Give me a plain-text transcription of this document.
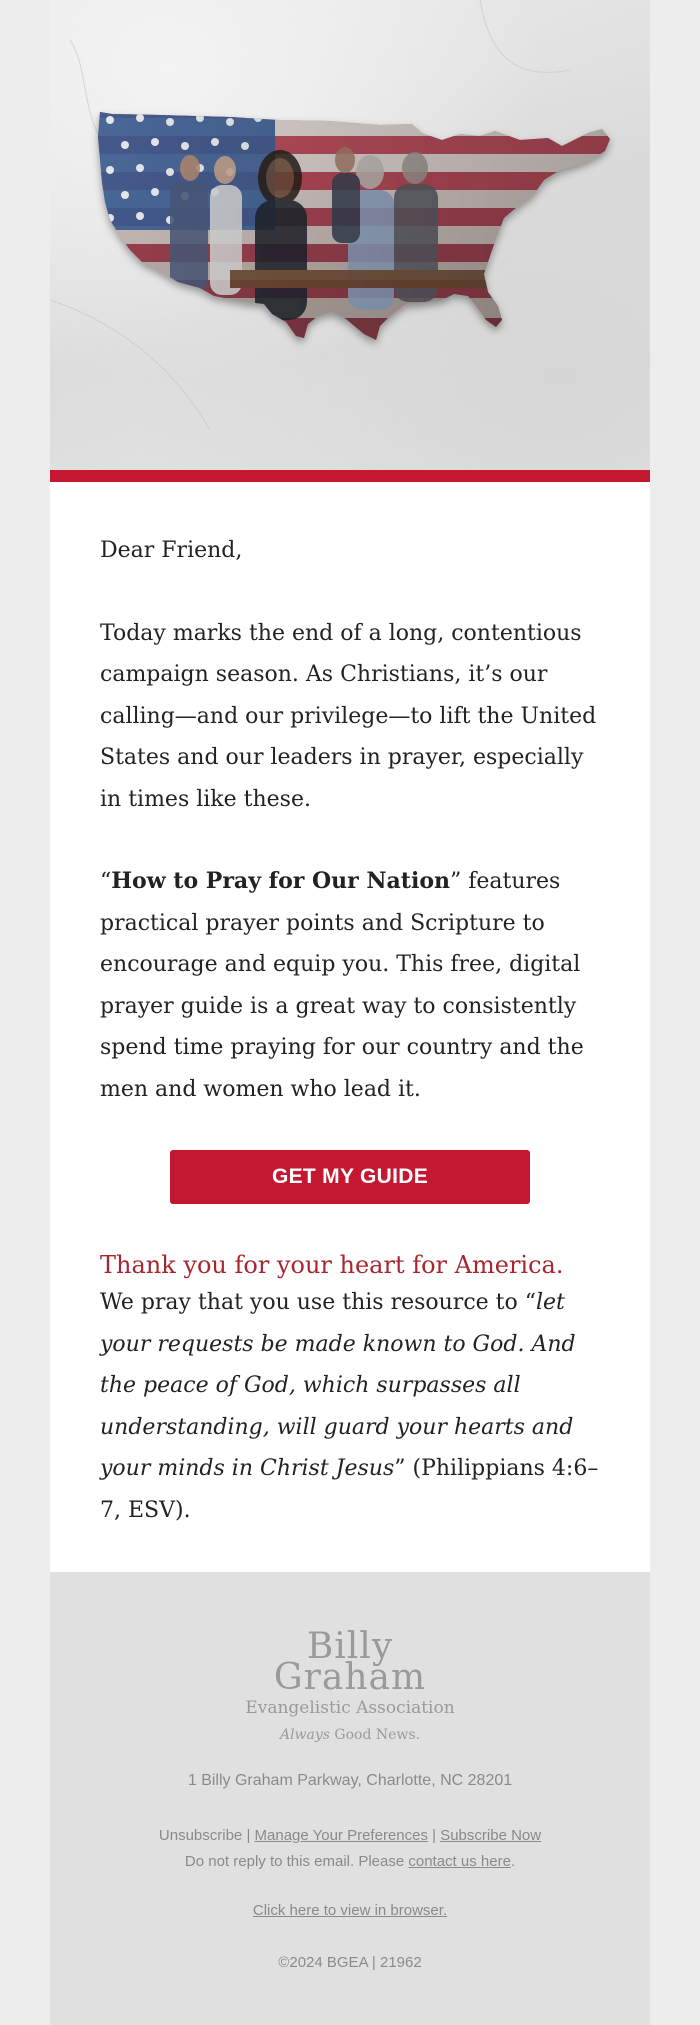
Dear Friend,

Today marks the end of a long, contentious campaign season. As Christians, it’s our calling—and our privilege—to lift the United States and our leaders in prayer, especially in times like these.

“How to Pray for Our Nation” features practical prayer points and Scripture to encourage and equip you. This free, digital prayer guide is a great way to consistently spend time praying for our country and the men and women who lead it.

GET MY GUIDE

Thank you for your heart for America.

We pray that you use this resource to “let your requests be made known to God. And the peace of God, which surpasses all understanding, will guard your hearts and your minds in Christ Jesus” (Philippians 4:6–7, ESV).

Billy
Graham
Evangelistic Association
Always Good News.
1 Billy Graham Parkway, Charlotte, NC 28201
Unsubscribe | Manage Your Preferences | Subscribe Now
Do not reply to this email. Please contact us here.
Click here to view in browser.
©2024 BGEA | 21962
